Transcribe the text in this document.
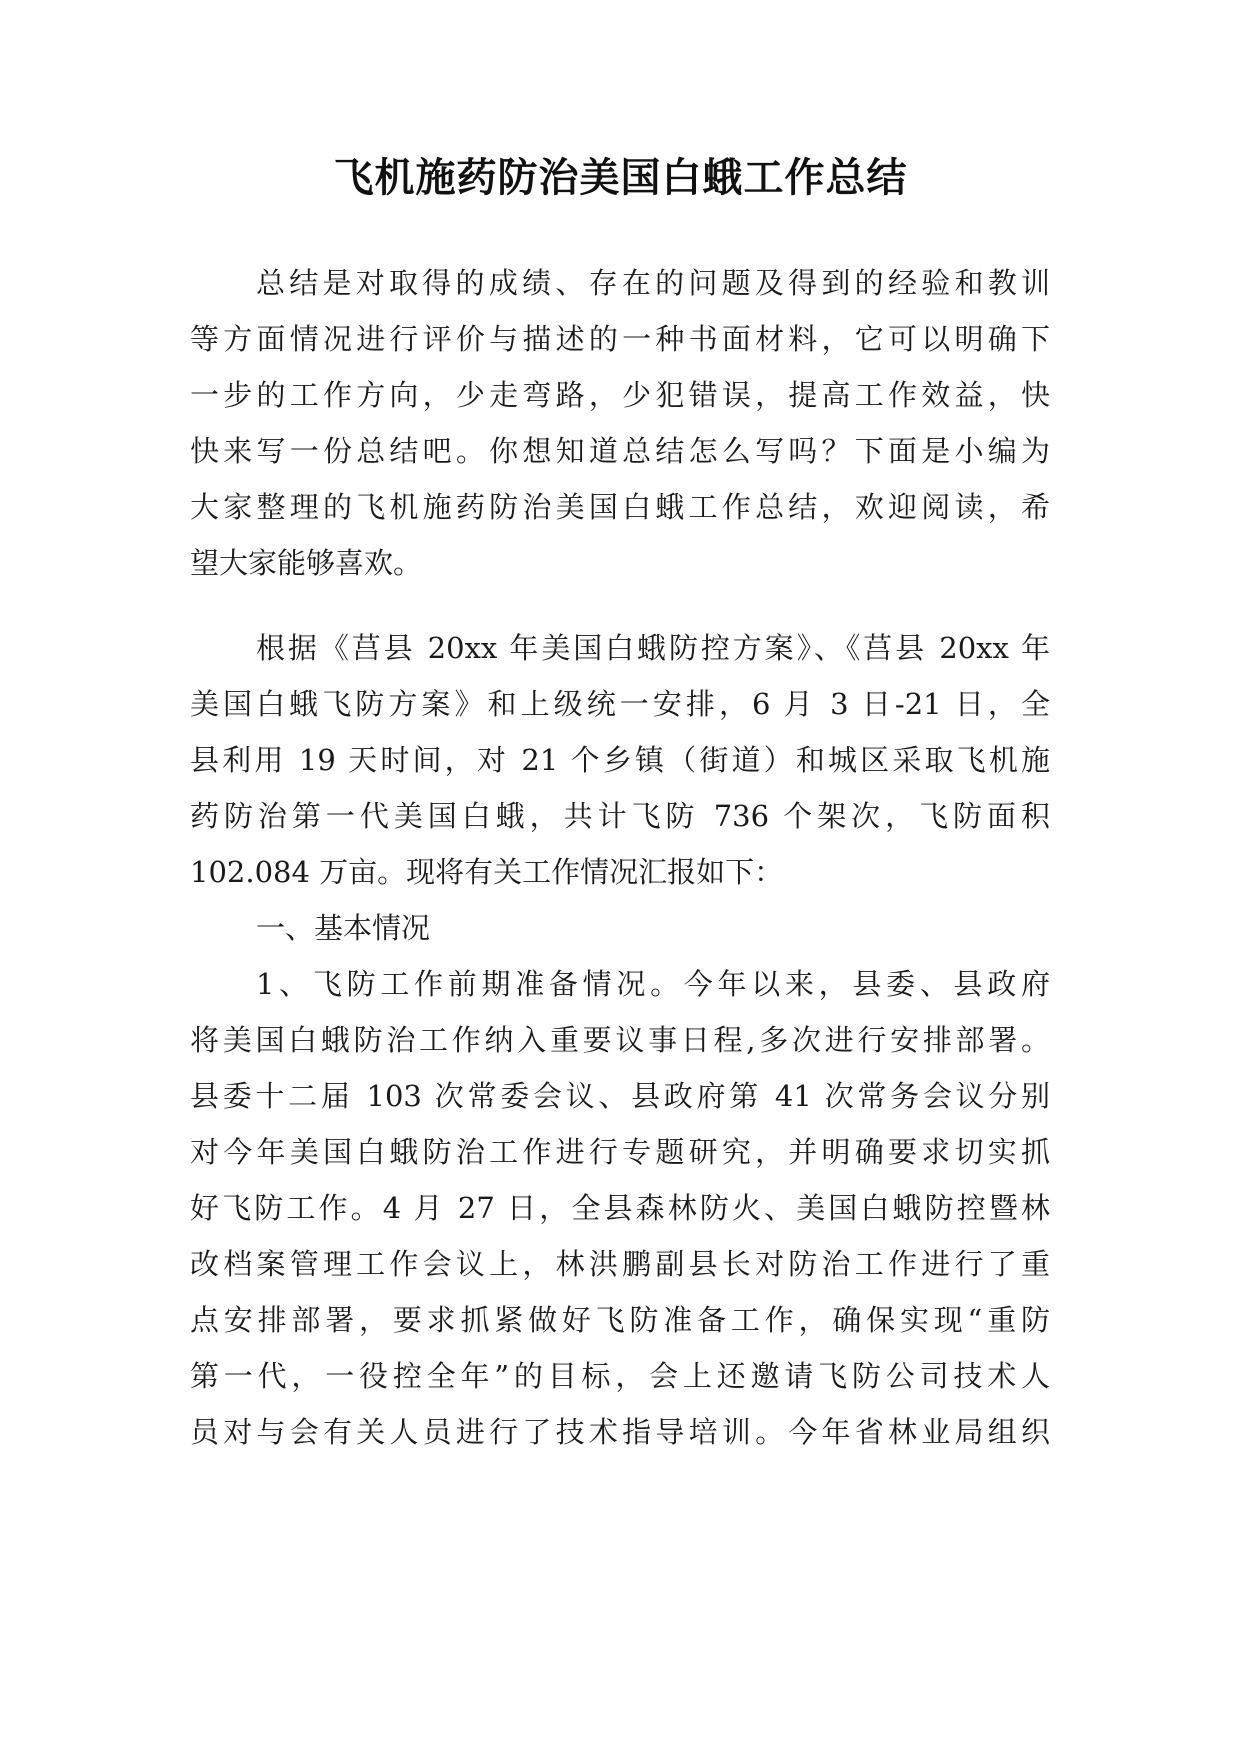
飞机施药防治美国白蛾工作总结
总结是对取得的成绩、存在的问题及得到的经验和教训
等方面情况进行评价与描述的一种书面材料，它可以明确下
一步的工作方向，少走弯路，少犯错误，提高工作效益，快
快来写一份总结吧。你想知道总结怎么写吗？下面是小编为
大家整理的飞机施药防治美国白蛾工作总结，欢迎阅读，希
望大家能够喜欢。
根据《莒县 20xx 年美国白蛾防控方案》、《莒县 20xx 年
美国白蛾飞防方案》和上级统一安排，6 月 3 日-21 日，全
县利用 19 天时间，对 21 个乡镇（街道）和城区采取飞机施
药防治第一代美国白蛾，共计飞防 736 个架次，飞防面积
102.084 万亩。现将有关工作情况汇报如下：
一、基本情况
1、飞防工作前期准备情况。今年以来，县委、县政府
将美国白蛾防治工作纳入重要议事日程,多次进行安排部署。
县委十二届 103 次常委会议、县政府第 41 次常务会议分别
对今年美国白蛾防治工作进行专题研究，并明确要求切实抓
好飞防工作。4 月 27 日，全县森林防火、美国白蛾防控暨林
改档案管理工作会议上，林洪鹏副县长对防治工作进行了重
点安排部署，要求抓紧做好飞防准备工作，确保实现“重防
第一代，一役控全年”的目标，会上还邀请飞防公司技术人
员对与会有关人员进行了技术指导培训。今年省林业局组织
